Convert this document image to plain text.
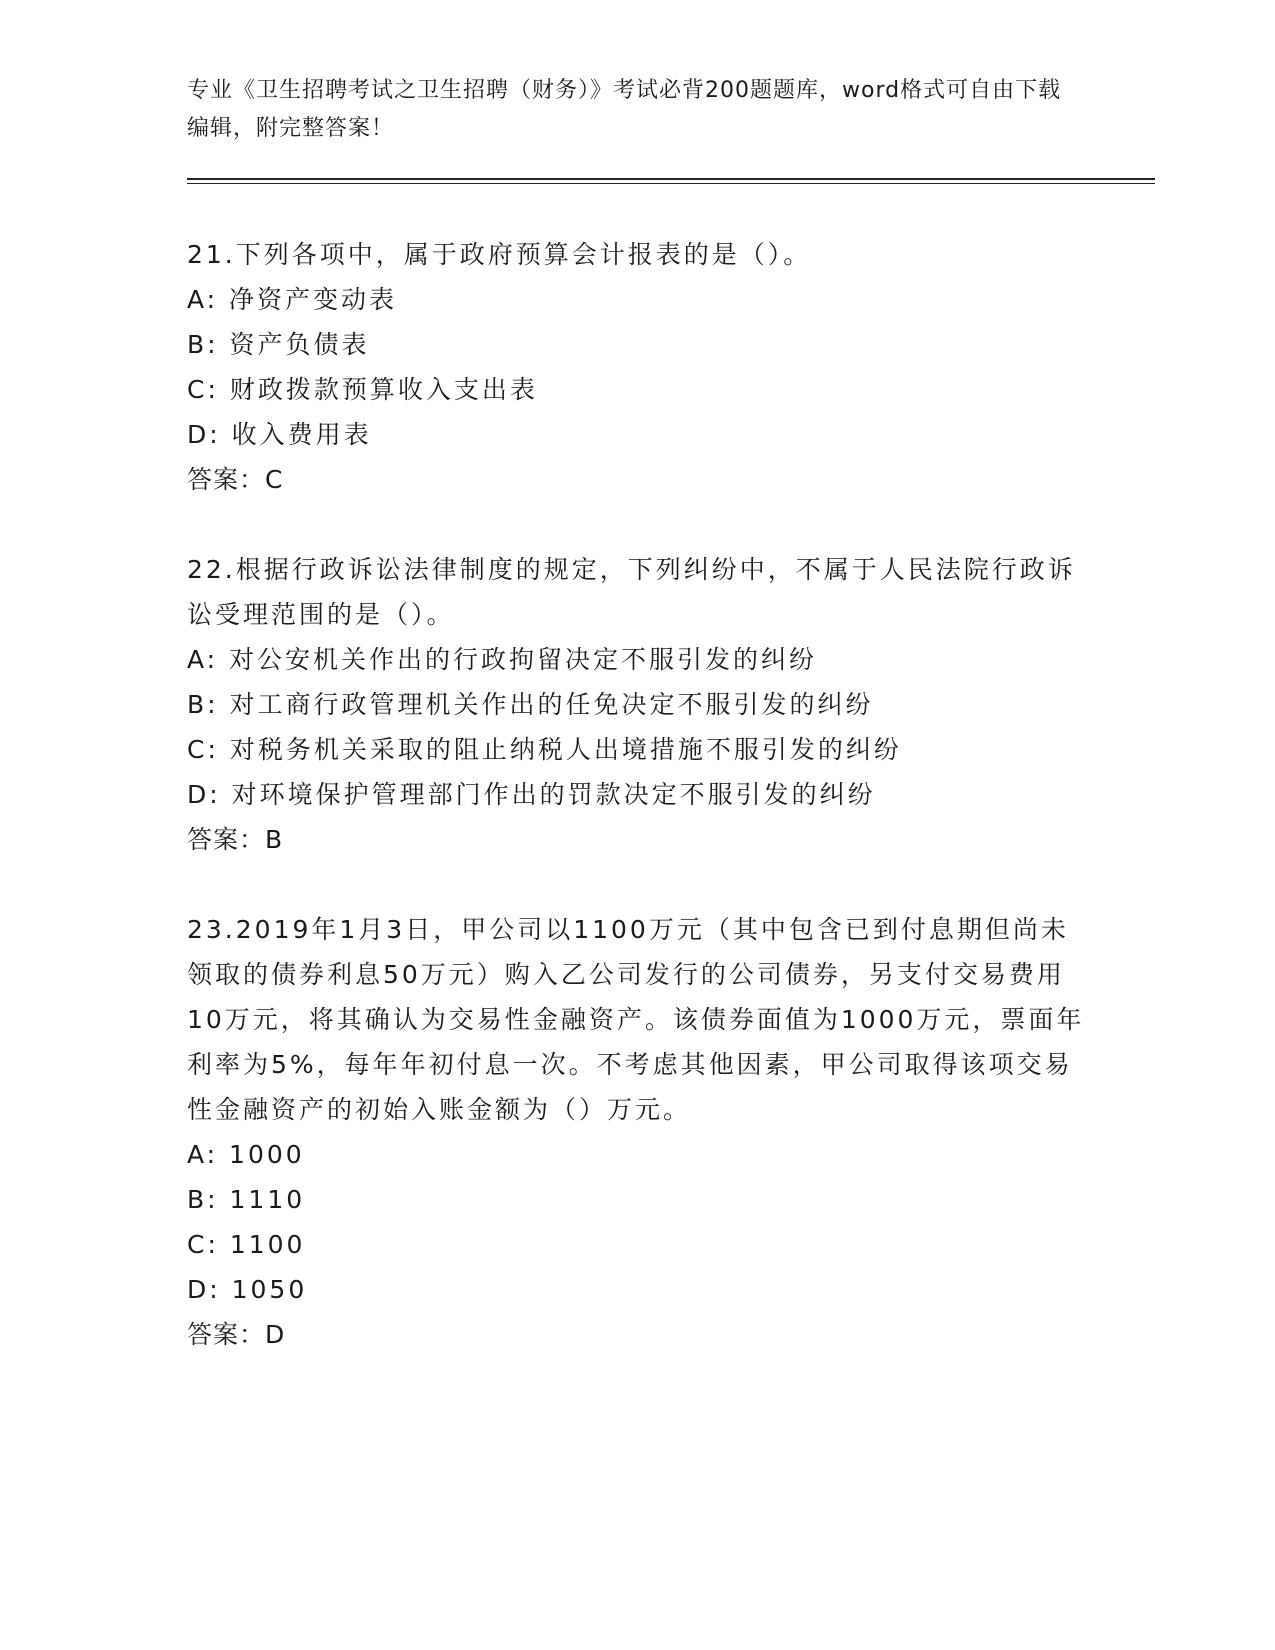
专业《卫生招聘考试之卫生招聘（财务）》考试必背200题题库，word格式可自由下载编辑，附完整答案！
21.下列各项中，属于政府预算会计报表的是（）。
A: 净资产变动表
B: 资产负债表
C: 财政拨款预算收入支出表
D: 收入费用表
答案：C
22.根据行政诉讼法律制度的规定，下列纠纷中，不属于人民法院行政诉讼受理范围的是（）。
A: 对公安机关作出的行政拘留决定不服引发的纠纷
B: 对工商行政管理机关作出的任免决定不服引发的纠纷
C: 对税务机关采取的阻止纳税人出境措施不服引发的纠纷
D: 对环境保护管理部门作出的罚款决定不服引发的纠纷
答案：B
23.2019年1月3日，甲公司以1100万元（其中包含已到付息期但尚未领取的债券利息50万元）购入乙公司发行的公司债券，另支付交易费用10万元，将其确认为交易性金融资产。该债券面值为1000万元，票面年利率为5%，每年年初付息一次。不考虑其他因素，甲公司取得该项交易性金融资产的初始入账金额为（）万元。
A: 1000
B: 1110
C: 1100
D: 1050
答案：D
